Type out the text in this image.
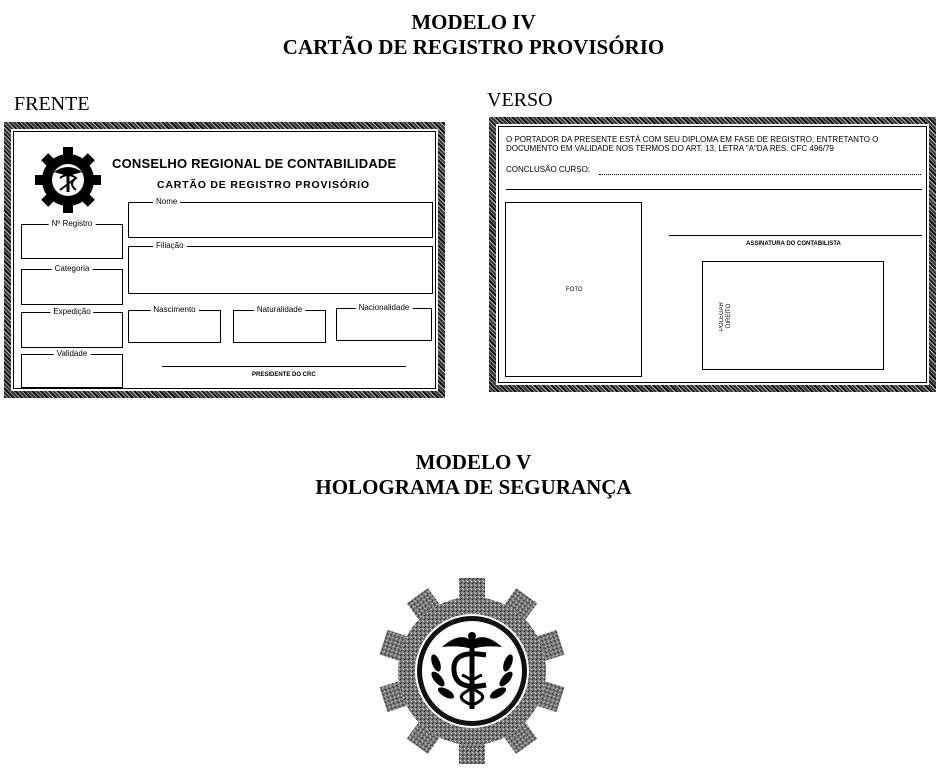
MODELO IV
CARTÃO DE REGISTRO PROVISÓRIO
FRENTE	VERSO
CONSELHO REGIONAL DE CONTABILIDADE
CARTÃO DE REGISTRO PROVISÓRIO
Nº Registro
Categoria
Expedição
Validade
Nome
Filiação
Nascimento	Naturalidade	Nacionalidade
PRESIDENTE DO CRC
O PORTADOR DA PRESENTE ESTÁ COM SEU DIPLOMA EM FASE DE REGISTRO, ENTRETANTO O
DOCUMENTO EM VALIDADE NOS TERMOS DO ART. 13, LETRA "A"DA RES. CFC 496/79
CONCLUSÃO CURSO:
FOTO
ASSINATURA DO CONTABILISTA
POLEGAR DIREITO
MODELO V
HOLOGRAMA DE SEGURANÇA
